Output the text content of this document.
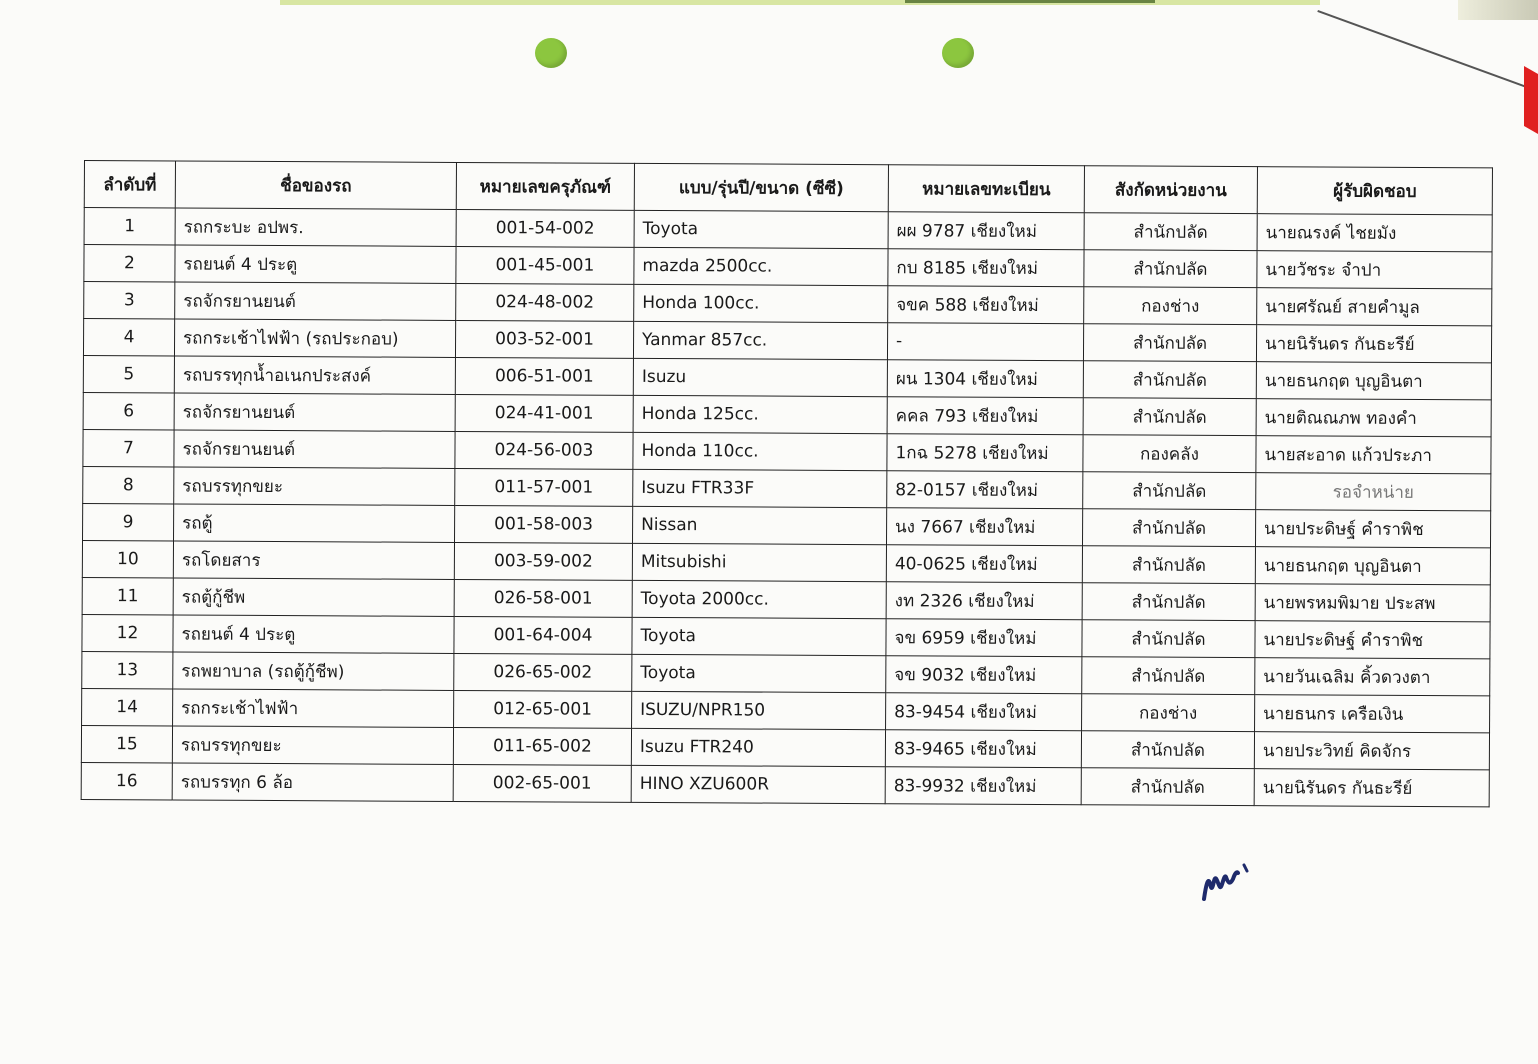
ลำดับที่	ชื่อของรถ	หมายเลขครุภัณฑ์	แบบ/รุ่นปี/ขนาด (ซีซี)	หมายเลขทะเบียน	สังกัดหน่วยงาน	ผู้รับผิดชอบ
1	รถกระบะ อปพร.	001-54-002	Toyota	ผผ 9787 เชียงใหม่	สำนักปลัด	นายณรงค์ ไชยมัง
2	รถยนต์ 4 ประตู	001-45-001	mazda 2500cc.	กบ 8185 เชียงใหม่	สำนักปลัด	นายวัชระ จำปา
3	รถจักรยานยนต์	024-48-002	Honda 100cc.	จขค 588 เชียงใหม่	กองช่าง	นายศรัณย์ สายคำมูล
4	รถกระเช้าไฟฟ้า (รถประกอบ)	003-52-001	Yanmar 857cc.	-	สำนักปลัด	นายนิรันดร กันธะรีย์
5	รถบรรทุกน้ำอเนกประสงค์	006-51-001	Isuzu	ผน 1304 เชียงใหม่	สำนักปลัด	นายธนกฤต บุญอินตา
6	รถจักรยานยนต์	024-41-001	Honda 125cc.	คคล 793 เชียงใหม่	สำนักปลัด	นายติณณภพ ทองคำ
7	รถจักรยานยนต์	024-56-003	Honda 110cc.	1กฉ 5278 เชียงใหม่	กองคลัง	นายสะอาด แก้วประภา
8	รถบรรทุกขยะ	011-57-001	Isuzu FTR33F	82-0157 เชียงใหม่	สำนักปลัด	รอจำหน่าย
9	รถตู้	001-58-003	Nissan	นง 7667 เชียงใหม่	สำนักปลัด	นายประดิษฐ์ คำราพิช
10	รถโดยสาร	003-59-002	Mitsubishi	40-0625 เชียงใหม่	สำนักปลัด	นายธนกฤต บุญอินตา
11	รถตู้กู้ชีพ	026-58-001	Toyota 2000cc.	งท 2326 เชียงใหม่	สำนักปลัด	นายพรหมพิมาย ประสพ
12	รถยนต์ 4 ประตู	001-64-004	Toyota	จข 6959 เชียงใหม่	สำนักปลัด	นายประดิษฐ์ คำราพิช
13	รถพยาบาล (รถตู้กู้ชีพ)	026-65-002	Toyota	จข 9032 เชียงใหม่	สำนักปลัด	นายวันเฉลิม คิ้วดวงตา
14	รถกระเช้าไฟฟ้า	012-65-001	ISUZU/NPR150	83-9454 เชียงใหม่	กองช่าง	นายธนกร เครือเงิน
15	รถบรรทุกขยะ	011-65-002	Isuzu FTR240	83-9465 เชียงใหม่	สำนักปลัด	นายประวิทย์ คิดจักร
16	รถบรรทุก 6 ล้อ	002-65-001	HINO XZU600R	83-9932 เชียงใหม่	สำนักปลัด	นายนิรันดร กันธะรีย์
